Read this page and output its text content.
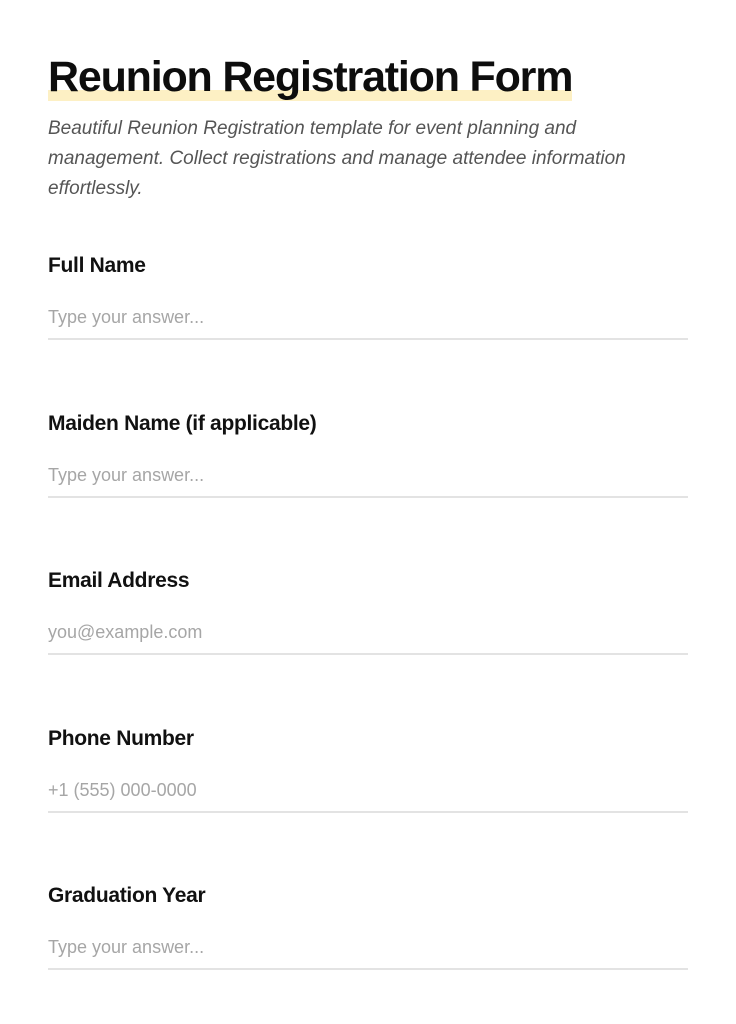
Reunion Registration Form

Beautiful Reunion Registration template for event planning and management. Collect registrations and manage attendee information effortlessly.

Full Name
Type your answer...
Maiden Name (if applicable)
Type your answer...
Email Address
you@example.com
Phone Number
+1 (555) 000-0000
Graduation Year
Type your answer...
